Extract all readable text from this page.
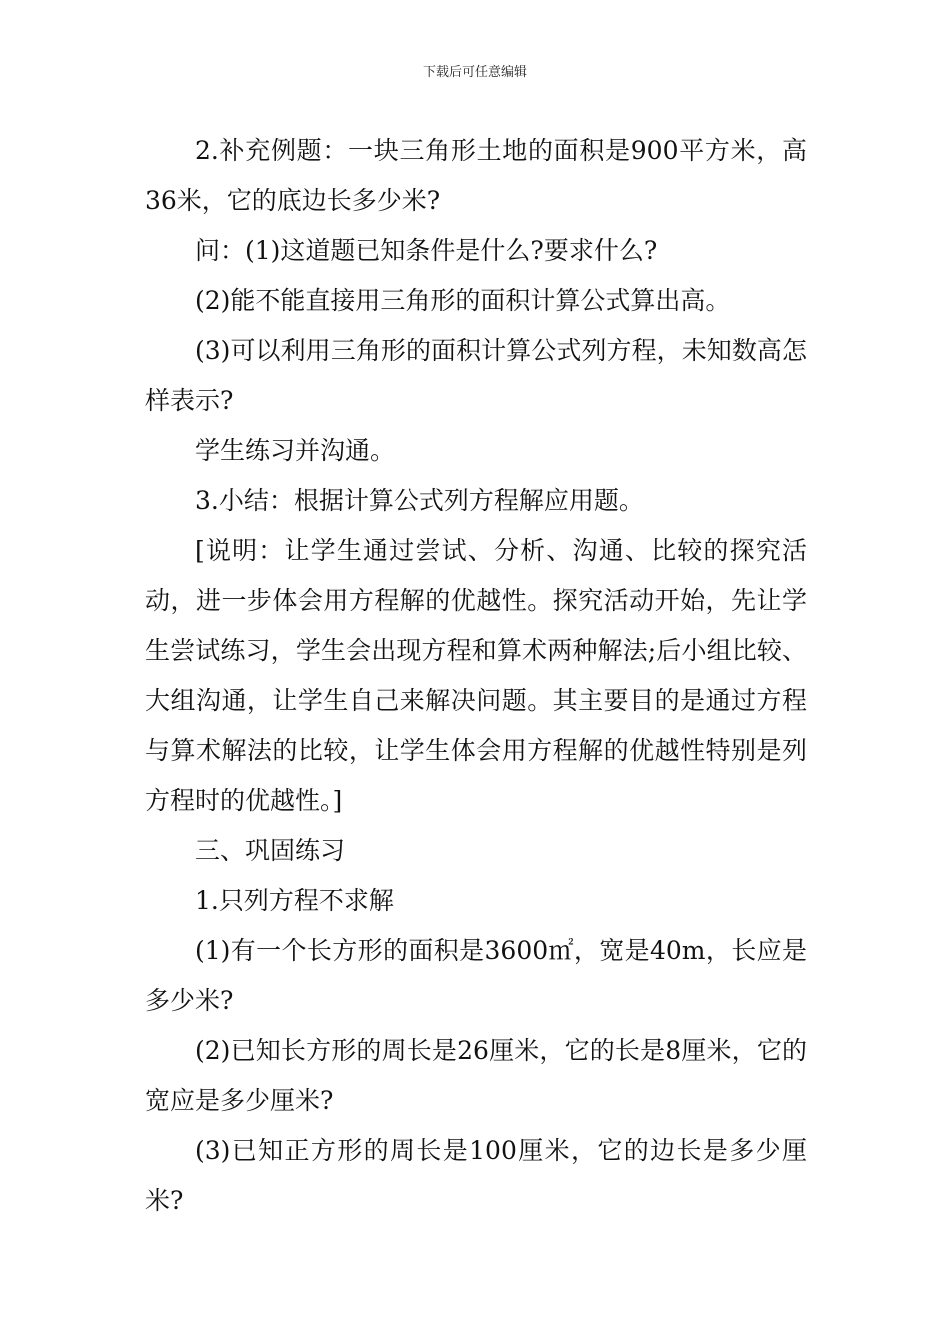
下载后可任意编辑

2.补充例题：一块三角形土地的面积是900平方米，高36米，它的底边长多少米?

问：(1)这道题已知条件是什么?要求什么?

(2)能不能直接用三角形的面积计算公式算出高。

(3)可以利用三角形的面积计算公式列方程，未知数高怎样表示?

学生练习并沟通。

3.小结：根据计算公式列方程解应用题。

[说明：让学生通过尝试、分析、沟通、比较的探究活动，进一步体会用方程解的优越性。探究活动开始，先让学生尝试练习，学生会出现方程和算术两种解法;后小组比较、大组沟通，让学生自己来解决问题。其主要目的是通过方程与算术解法的比较，让学生体会用方程解的优越性特别是列方程时的优越性。]

三、巩固练习

1.只列方程不求解

(1)有一个长方形的面积是3600㎡，宽是40m，长应是多少米?

(2)已知长方形的周长是26厘米，它的长是8厘米，它的宽应是多少厘米?

(3)已知正方形的周长是100厘米，它的边长是多少厘米?
